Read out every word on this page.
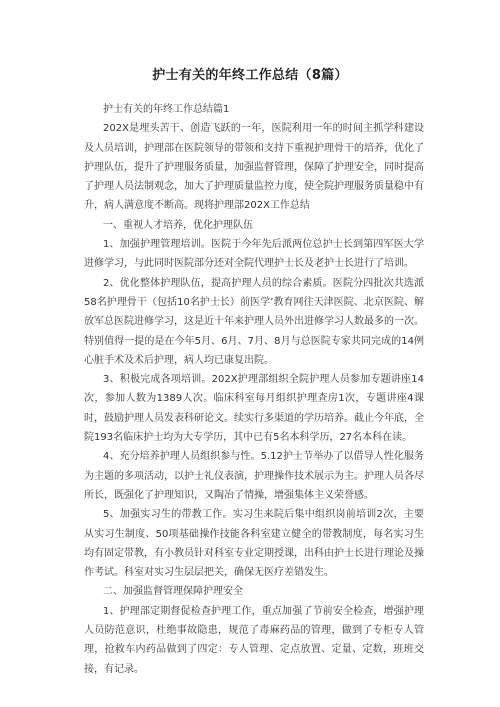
护士有关的年终工作总结（8篇）

护士有关的年终工作总结篇1

202X是埋头苦干、创造飞跃的一年，医院利用一年的时间主抓学科建设及人员培训，护理部在医院领导的带领和支持下重视护理骨干的培养，优化了护理队伍，提升了护理服务质量，加强监督管理，保障了护理安全，同时提高了护理人员法制观念，加大了护理质量监控力度，使全院护理服务质量稳中有升，病人满意度不断高。现将护理部202X工作总结

一、重视人才培养，优化护理队伍

1、加强护理管理培训。医院于今年先后派两位总护士长到第四军医大学进修学习，与此同时医院部分还对全院代理护士长及老护士长进行了培训。

2、优化整体护理队伍，提高护理人员的综合素质。医院分四批次共选派58名护理骨干（包括10名护士长）前医学’教育网往天津医院、北京医院、解放军总医院进修学习，这是近十年来护理人员外出进修学习人数最多的一次。特别值得一提的是在今年5月、6月、7月、8月与总医院专家共同完成的14例心脏手术及术后护理，病人均已康复出院。

3、积极完成各项培训。202X护理部组织全院护理人员参加专题讲座14次，参加人数为1389人次。临床科室每月组织护理查房1次，专题讲座4课时，鼓励护理人员发表科研论文。续实行多渠道的学历培养。截止今年底，全院193名临床护士均为大专学历，其中已有5名本科学历，27名本科在读。

4、充分培养护理人员组织参与性。5.12护士节举办了以借导人性化服务为主题的多项活动，以护士礼仪表演，护理操作技术展示为主。护理人员各尽所长，既强化了护理知识，又陶冶了情操，增强集体主义荣誉感。

5、加强实习生的带教工作。实习生来院后集中组织岗前培训2次，主要从实习生制度、50项基础操作技能各科室建立健全的带教制度，每名实习生均有固定带教，有小教员针对科室专业定期授课，出科由护士长进行理论及操作考试。科室对实习生层层把关，确保无医疗差错发生。

二、加强监督管理保障护理安全

1、护理部定期督促检查护理工作，重点加强了节前安全检查，增强护理人员防范意识，杜绝事故隐患，规范了毒麻药品的管理，做到了专柜专人管理，抢救车内药品做到了四定：专人管理、定点放置、定量、定数，班班交接，有记录。
